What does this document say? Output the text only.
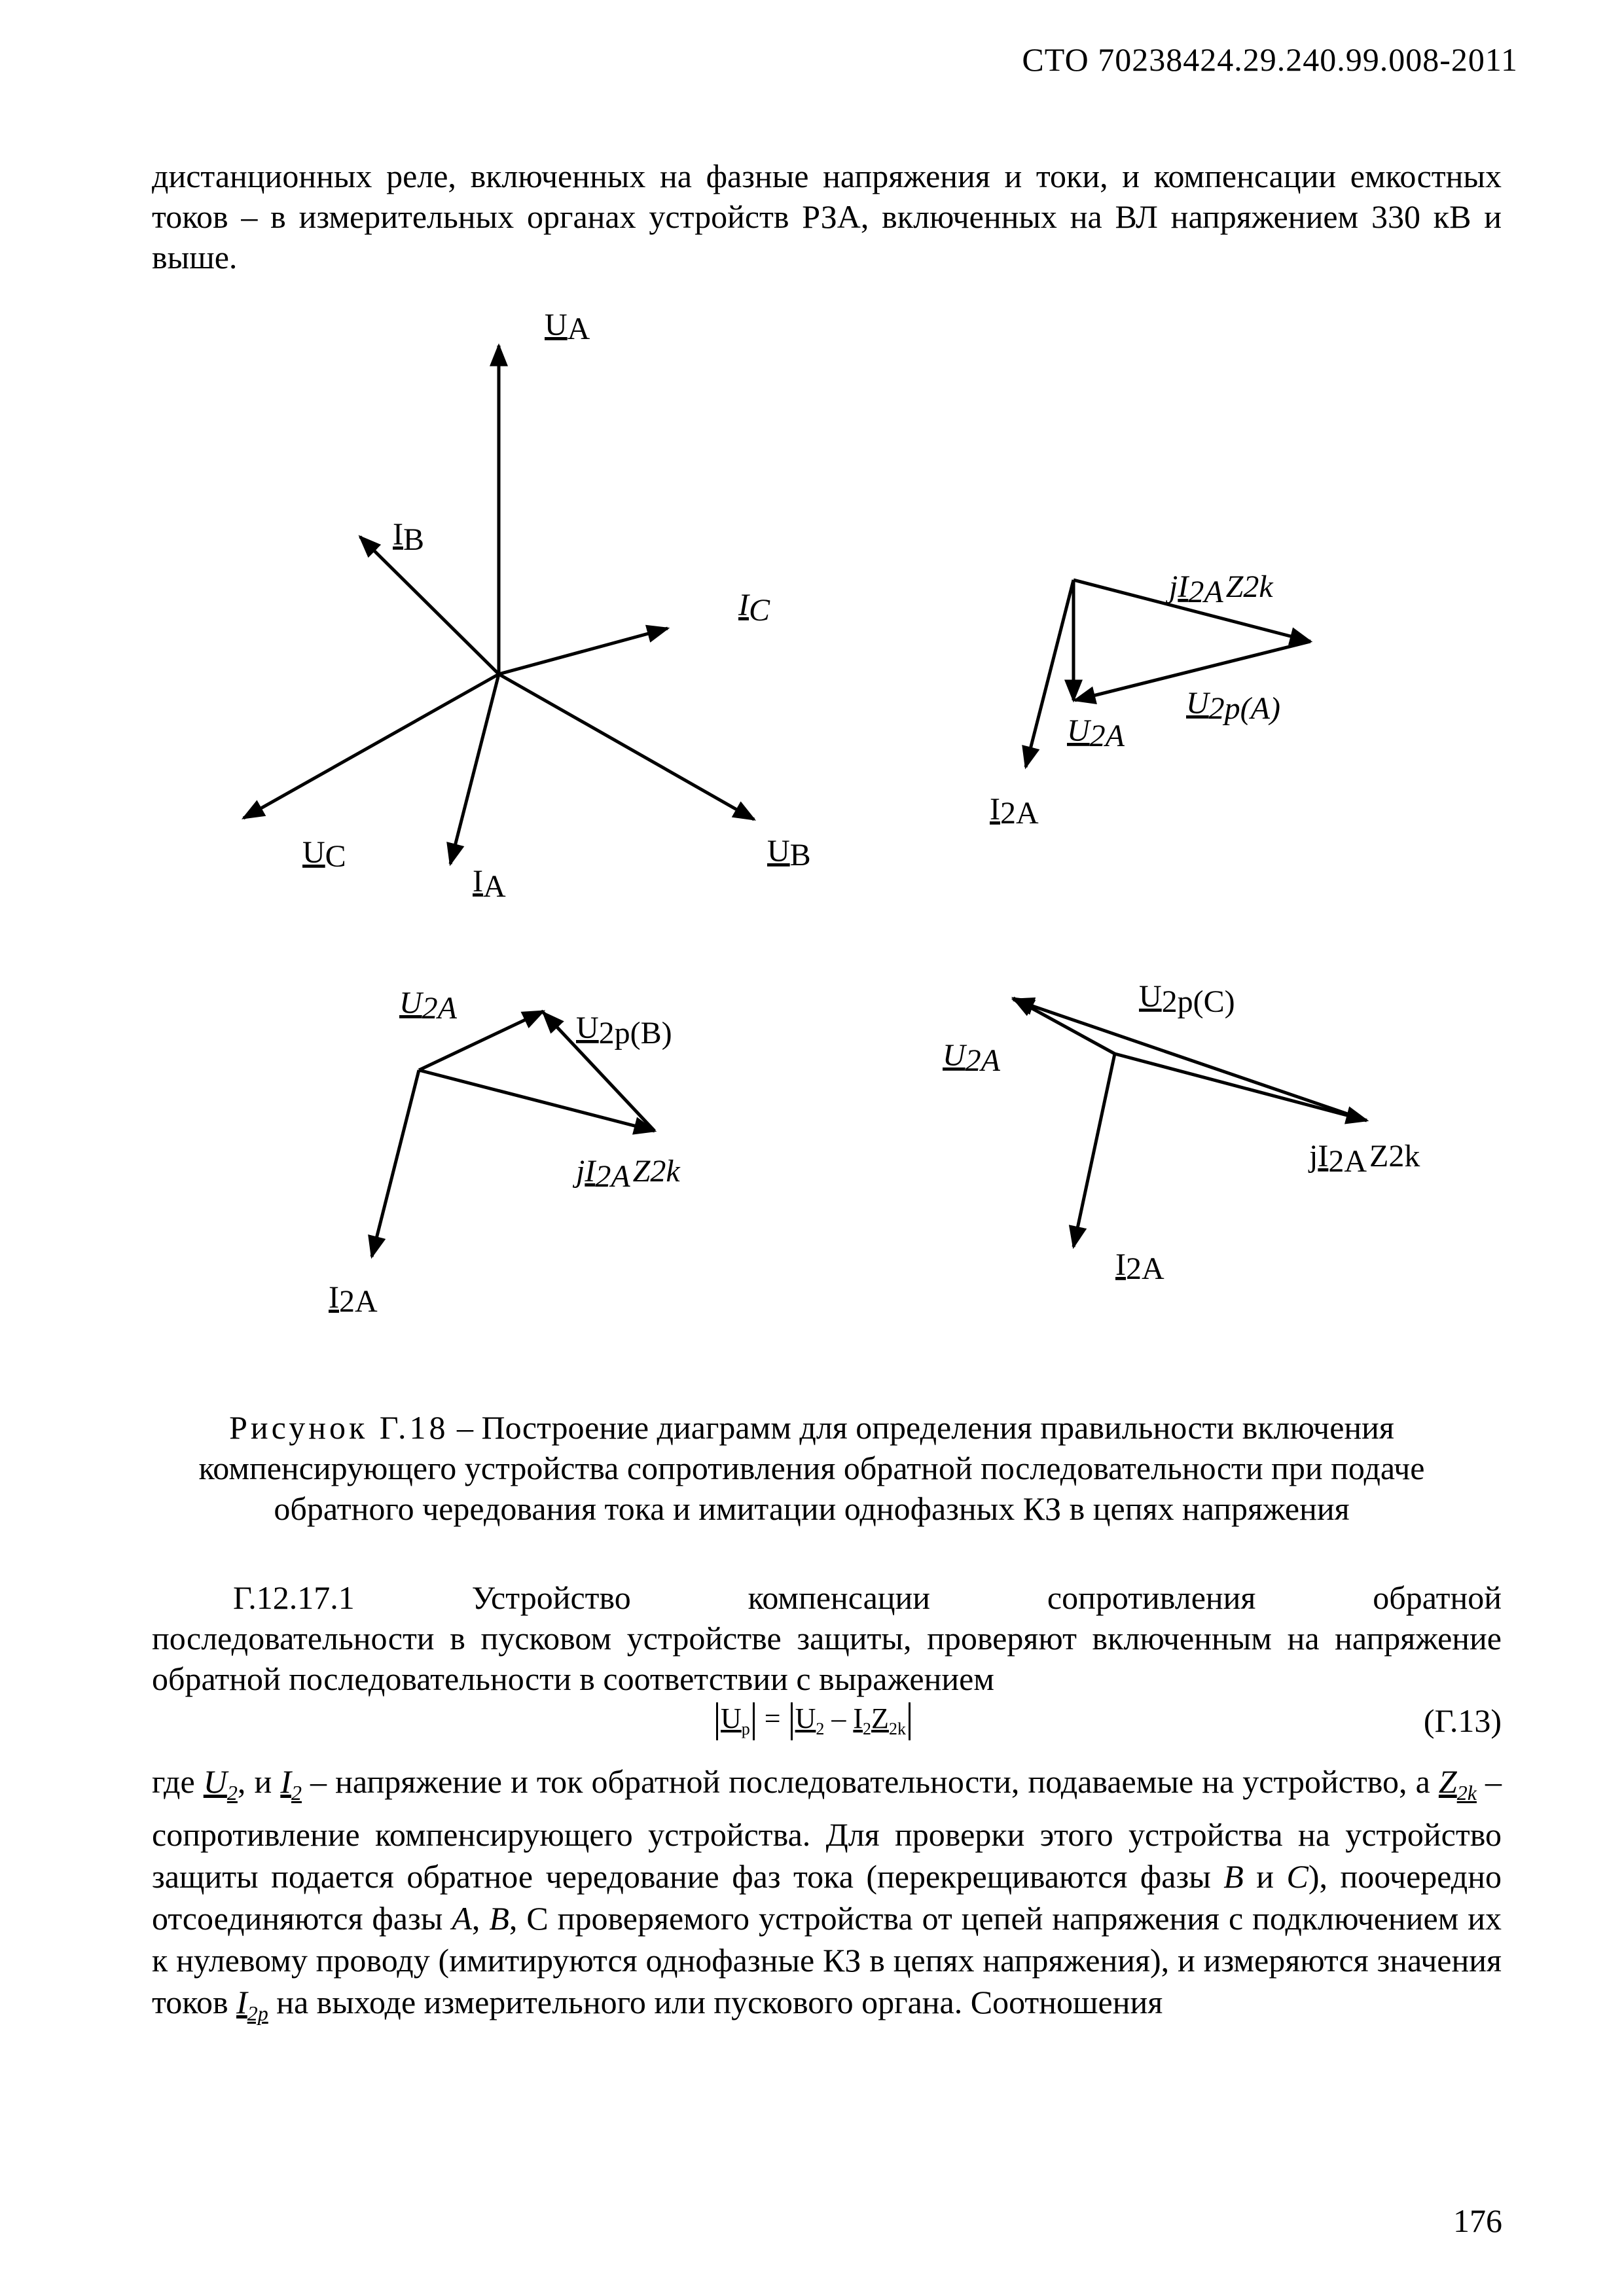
СТО 70238424.29.240.99.008-2011
дистанционных реле, включенных на фазные напряжения и токи, и компенсации емкостных токов – в измерительных органах устройств РЗА, включенных на ВЛ напряжением 330 кВ и выше.
UA
IB
IC
UC
IA
UB
jI2AZ2k
U2A
U2p(A)
I2A
U2A
U2p(B)
jI2AZ2k
I2A
U2p(C)
U2A
jI2AZ2k
I2A
Рисунок Г.18 – Построение диаграмм для определения правильности включения компенсирующего устройства сопротивления обратной последовательности при подаче обратного чередования тока и имитации однофазных КЗ в цепях напряжения
Г.12.17.1	Устройство	компенсации	сопротивления	обратной
последовательности в пусковом устройстве защиты, проверяют включенным на напряжение обратной последовательности в соответствии с выражением
$U_p = U_2 - I_2Z_{2k}$	(Г.13)
где $U_2$, и $I_2$ – напряжение и ток обратной последовательности, подаваемые на устройство, а $Z_{2k}$ – сопротивление компенсирующего устройства. Для проверки этого устройства на устройство защиты подается обратное чередование фаз тока (перекрещиваются фазы B и C), поочередно отсоединяются фазы A, B, С проверяемого устройства от цепей напряжения с подключением их к нулевому проводу (имитируются однофазные КЗ в цепях напряжения), и измеряются значения токов $I_{2p}$ на выходе измерительного или пускового органа. Соотношения
176
